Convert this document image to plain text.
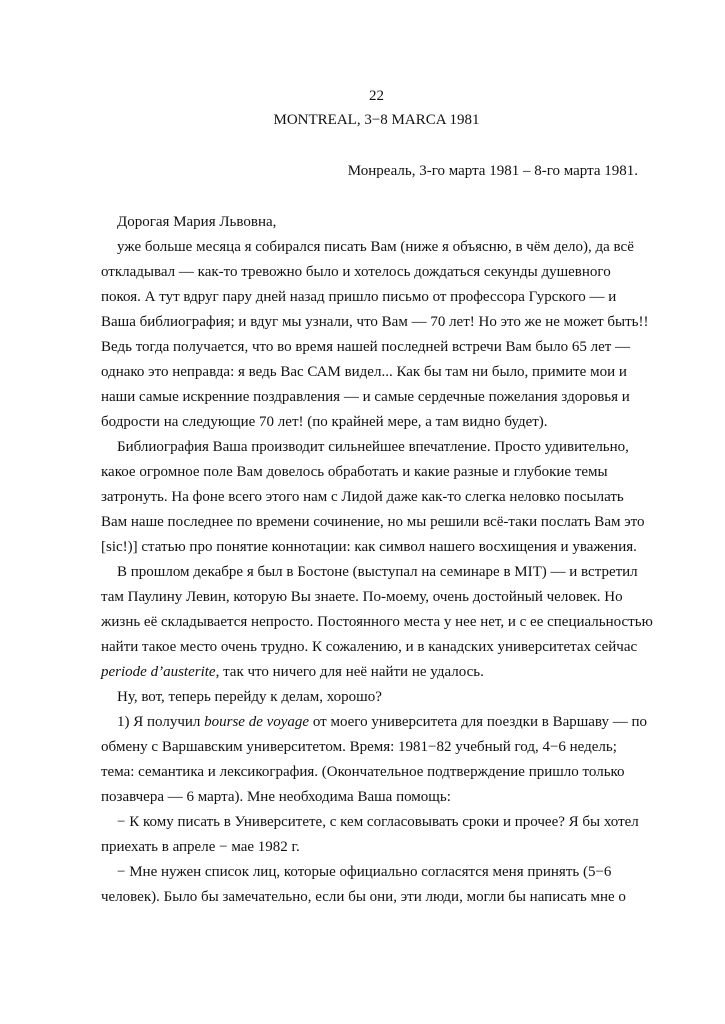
22
MONTREAL, 3−8 MARCA 1981
Монреаль, 3-го марта 1981 – 8-го марта 1981.
Дорогая Мария Львовна,
уже больше месяца я собирался писать Вам (ниже я объясню, в чём дело), да всё
откладывал — как-то тревожно было и хотелось дождаться секунды душевного
покоя. А тут вдруг пару дней назад пришло письмо от профессора Гурского — и
Ваша библиография; и вдуг мы узнали, что Вам — 70 лет! Но это же не может быть!!
Ведь тогда получается, что во время нашей последней встречи Вам было 65 лет —
однако это неправда: я ведь Вас САМ видел... Как бы там ни было, примите мои и
наши самые искренние поздравления — и самые сердечные пожелания здоровья и
бодрости на следующие 70 лет! (по крайней мере, а там видно будет).
Библиография Ваша производит сильнейшее впечатление. Просто удивительно,
какое огромное поле Вам довелось обработать и какие разные и глубокие темы
затронуть. На фоне всего этого нам с Лидой даже как-то слегка неловко посылать
Вам наше последнее по времени сочинение, но мы решили всё-таки послать Вам это
[sic!)] статью про понятие коннотации: как символ нашего восхищения и уважения.
В прошлом декабре я был в Бостоне (выступал на семинаре в MIT) — и встретил
там Паулину Левин, которую Вы знаете. По-моему, очень достойный человек. Но
жизнь её складывается непросто. Постоянного места у нее нет, и с ее специальностью
найти такое место очень трудно. К сожалению, и в канадских университетах сейчас
periode d’austerite, так что ничего для неё найти не удалось.
Ну, вот, теперь перейду к делам, хорошо?
1) Я получил bourse de voyage от моего университета для поездки в Варшаву — по
обмену с Варшавским университетом. Время: 1981−82 учебный год, 4−6 недель;
тема: семантика и лексикография. (Окончательное подтверждение пришло только
позавчера — 6 марта). Мне необходима Ваша помощь:
− К кому писать в Университете, с кем согласовывать сроки и прочее? Я бы хотел
приехать в апреле − мае 1982 г.
− Мне нужен список лиц, которые официально согласятся меня принять (5−6
человек). Было бы замечательно, если бы они, эти люди, могли бы написать мне о
